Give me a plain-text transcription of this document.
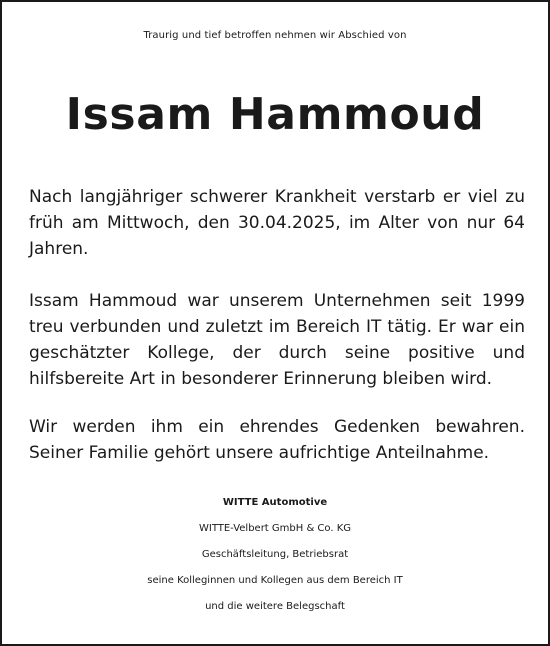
Traurig und tief betroffen nehmen wir Abschied von
Issam Hammoud
Nach langjähriger schwerer Krankheit verstarb er viel zu früh am Mittwoch, den 30.04.2025, im Alter von nur 64 Jahren.
Issam Hammoud war unserem Unternehmen seit 1999 treu verbunden und zuletzt im Bereich IT tätig. Er war ein geschätzter Kollege, der durch seine positive und hilfsbereite Art in besonderer Erinnerung bleiben wird.
Wir werden ihm ein ehrendes Gedenken bewahren. Seiner Familie gehört unsere aufrichtige Anteilnahme.
WITTE Automotive
WITTE-Velbert GmbH & Co. KG
Geschäftsleitung, Betriebsrat
seine Kolleginnen und Kollegen aus dem Bereich IT
und die weitere Belegschaft
